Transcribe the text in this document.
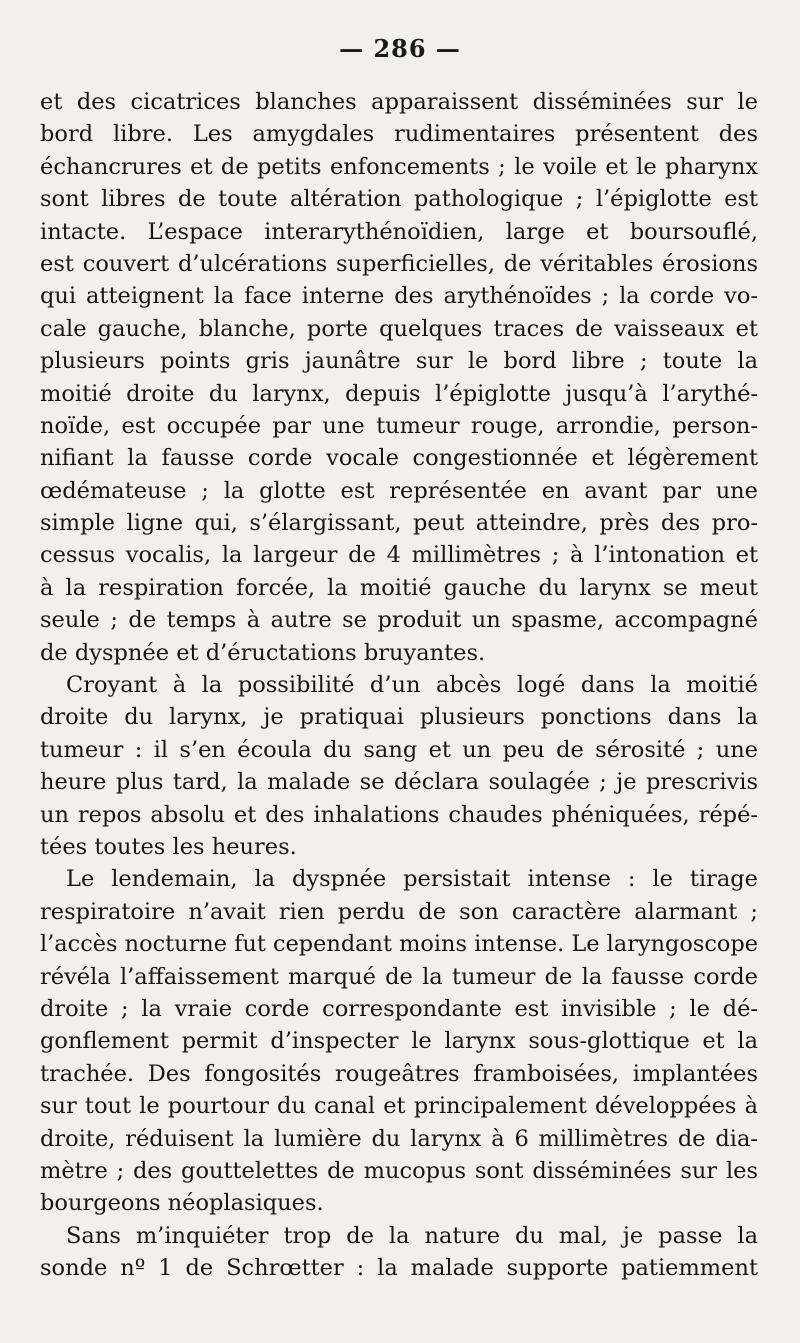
— 286 —
et des cicatrices blanches apparaissent disséminées sur le
bord libre. Les amygdales rudimentaires présentent des
échancrures et de petits enfoncements ; le voile et le pharynx
sont libres de toute altération pathologique ; l’épiglotte est
intacte. L’espace interarythénoïdien, large et boursouflé,
est couvert d’ulcérations superficielles, de véritables érosions
qui atteignent la face interne des arythénoïdes ; la corde vo-
cale gauche, blanche, porte quelques traces de vaisseaux et
plusieurs points gris jaunâtre sur le bord libre ; toute la
moitié droite du larynx, depuis l’épiglotte jusqu’à l’arythé-
noïde, est occupée par une tumeur rouge, arrondie, person-
nifiant la fausse corde vocale congestionnée et légèrement
œdémateuse ; la glotte est représentée en avant par une
simple ligne qui, s’élargissant, peut atteindre, près des pro-
cessus vocalis, la largeur de 4 millimètres ; à l’intonation et
à la respiration forcée, la moitié gauche du larynx se meut
seule ; de temps à autre se produit un spasme, accompagné
de dyspnée et d’éructations bruyantes.
Croyant à la possibilité d’un abcès logé dans la moitié
droite du larynx, je pratiquai plusieurs ponctions dans la
tumeur : il s’en écoula du sang et un peu de sérosité ; une
heure plus tard, la malade se déclara soulagée ; je prescrivis
un repos absolu et des inhalations chaudes phéniquées, répé-
tées toutes les heures.
Le lendemain, la dyspnée persistait intense : le tirage
respiratoire n’avait rien perdu de son caractère alarmant ;
l’accès nocturne fut cependant moins intense. Le laryngoscope
révéla l’affaissement marqué de la tumeur de la fausse corde
droite ; la vraie corde correspondante est invisible ; le dé-
gonflement permit d’inspecter le larynx sous-glottique et la
trachée. Des fongosités rougeâtres framboisées, implantées
sur tout le pourtour du canal et principalement développées à
droite, réduisent la lumière du larynx à 6 millimètres de dia-
mètre ; des gouttelettes de mucopus sont disséminées sur les
bourgeons néoplasiques.
Sans m’inquiéter trop de la nature du mal, je passe la
sonde nº 1 de Schrœtter : la malade supporte patiemment
